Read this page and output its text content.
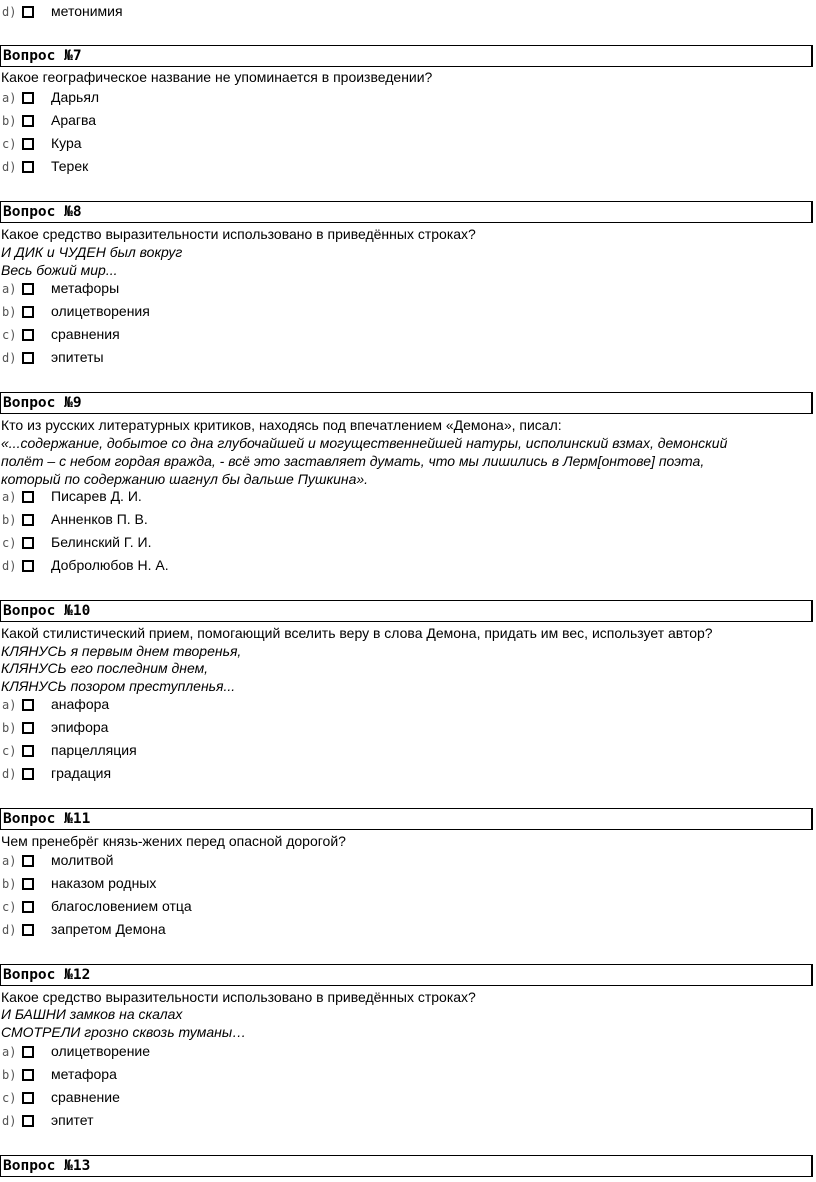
d) метонимия
Вопрос №7
Какое географическое название не упоминается в произведении?
a) Дарьял
b) Арагва
c) Кура
d) Терек
Вопрос №8
Какое средство выразительности использовано в приведённых строках?
И ДИК и ЧУДЕН был вокруг
Весь божий мир...
a) метафоры
b) олицетворения
c) сравнения
d) эпитеты
Вопрос №9
Кто из русских литературных критиков, находясь под впечатлением «Демона», писал:
«...содержание, добытое со дна глубочайшей и могущественнейшей натуры, исполинский взмах, демонский
полёт – с небом гордая вражда, - всё это заставляет думать, что мы лишились в Лерм[онтове] поэта,
который по содержанию шагнул бы дальше Пушкина».
a) Писарев Д. И.
b) Анненков П. В.
c) Белинский Г. И.
d) Добролюбов Н. А.
Вопрос №10
Какой стилистический прием, помогающий вселить веру в слова Демона, придать им вес, использует автор?
КЛЯНУСЬ я первым днем творенья,
КЛЯНУСЬ его последним днем,
КЛЯНУСЬ позором преступленья...
a) анафора
b) эпифора
c) парцелляция
d) градация
Вопрос №11
Чем пренебрёг князь-жених перед опасной дорогой?
a) молитвой
b) наказом родных
c) благословением отца
d) запретом Демона
Вопрос №12
Какое средство выразительности использовано в приведённых строках?
И БАШНИ замков на скалах
СМОТРЕЛИ грозно сквозь туманы…
a) олицетворение
b) метафора
c) сравнение
d) эпитет
Вопрос №13
